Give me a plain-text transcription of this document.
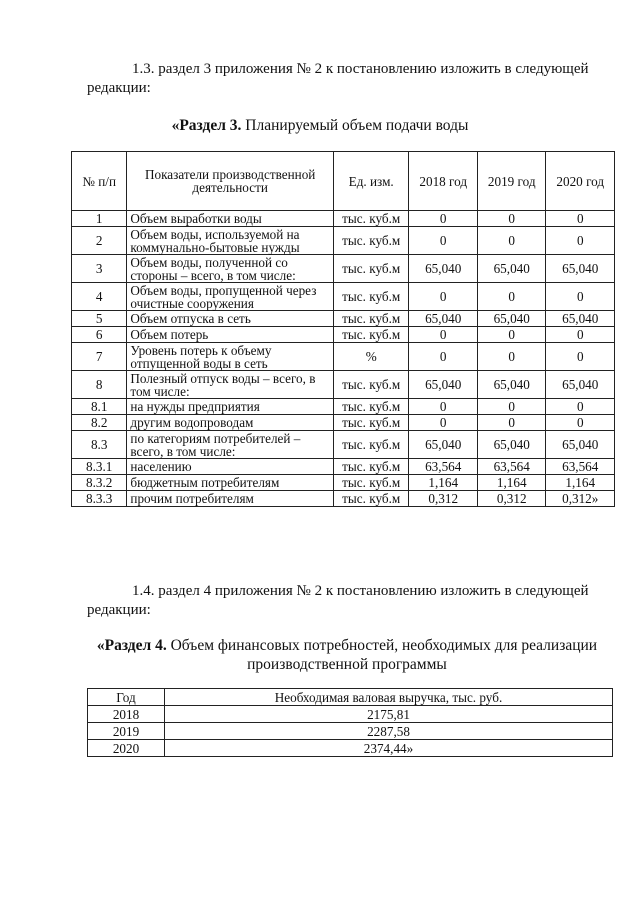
1.3. раздел 3 приложения № 2 к постановлению изложить в следующей редакции:

«Раздел 3. Планируемый объем подачи воды
№ п/п	Показатели производственной деятельности	Ед. изм.	2018 год	2019 год	2020 год
1	Объем выработки воды	тыс. куб.м	0	0	0
2	Объем воды, используемой на коммунально-бытовые нужды	тыс. куб.м	0	0	0
3	Объем воды, полученной со стороны – всего, в том числе:	тыс. куб.м	65,040	65,040	65,040
4	Объем воды, пропущенной через очистные сооружения	тыс. куб.м	0	0	0
5	Объем отпуска в сеть	тыс. куб.м	65,040	65,040	65,040
6	Объем потерь	тыс. куб.м	0	0	0
7	Уровень потерь к объему отпущенной воды в сеть	%	0	0	0
8	Полезный отпуск воды – всего, в том числе:	тыс. куб.м	65,040	65,040	65,040
8.1	на нужды предприятия	тыс. куб.м	0	0	0
8.2	другим водопроводам	тыс. куб.м	0	0	0
8.3	по категориям потребителей – всего, в том числе:	тыс. куб.м	65,040	65,040	65,040
8.3.1	населению	тыс. куб.м	63,564	63,564	63,564
8.3.2	бюджетным потребителям	тыс. куб.м	1,164	1,164	1,164
8.3.3	прочим потребителям	тыс. куб.м	0,312	0,312	0,312»

1.4. раздел 4 приложения № 2 к постановлению изложить в следующей редакции:

«Раздел 4. Объем финансовых потребностей, необходимых для реализации производственной программы
Год	Необходимая валовая выручка, тыс. руб.
2018	2175,81
2019	2287,58
2020	2374,44»
